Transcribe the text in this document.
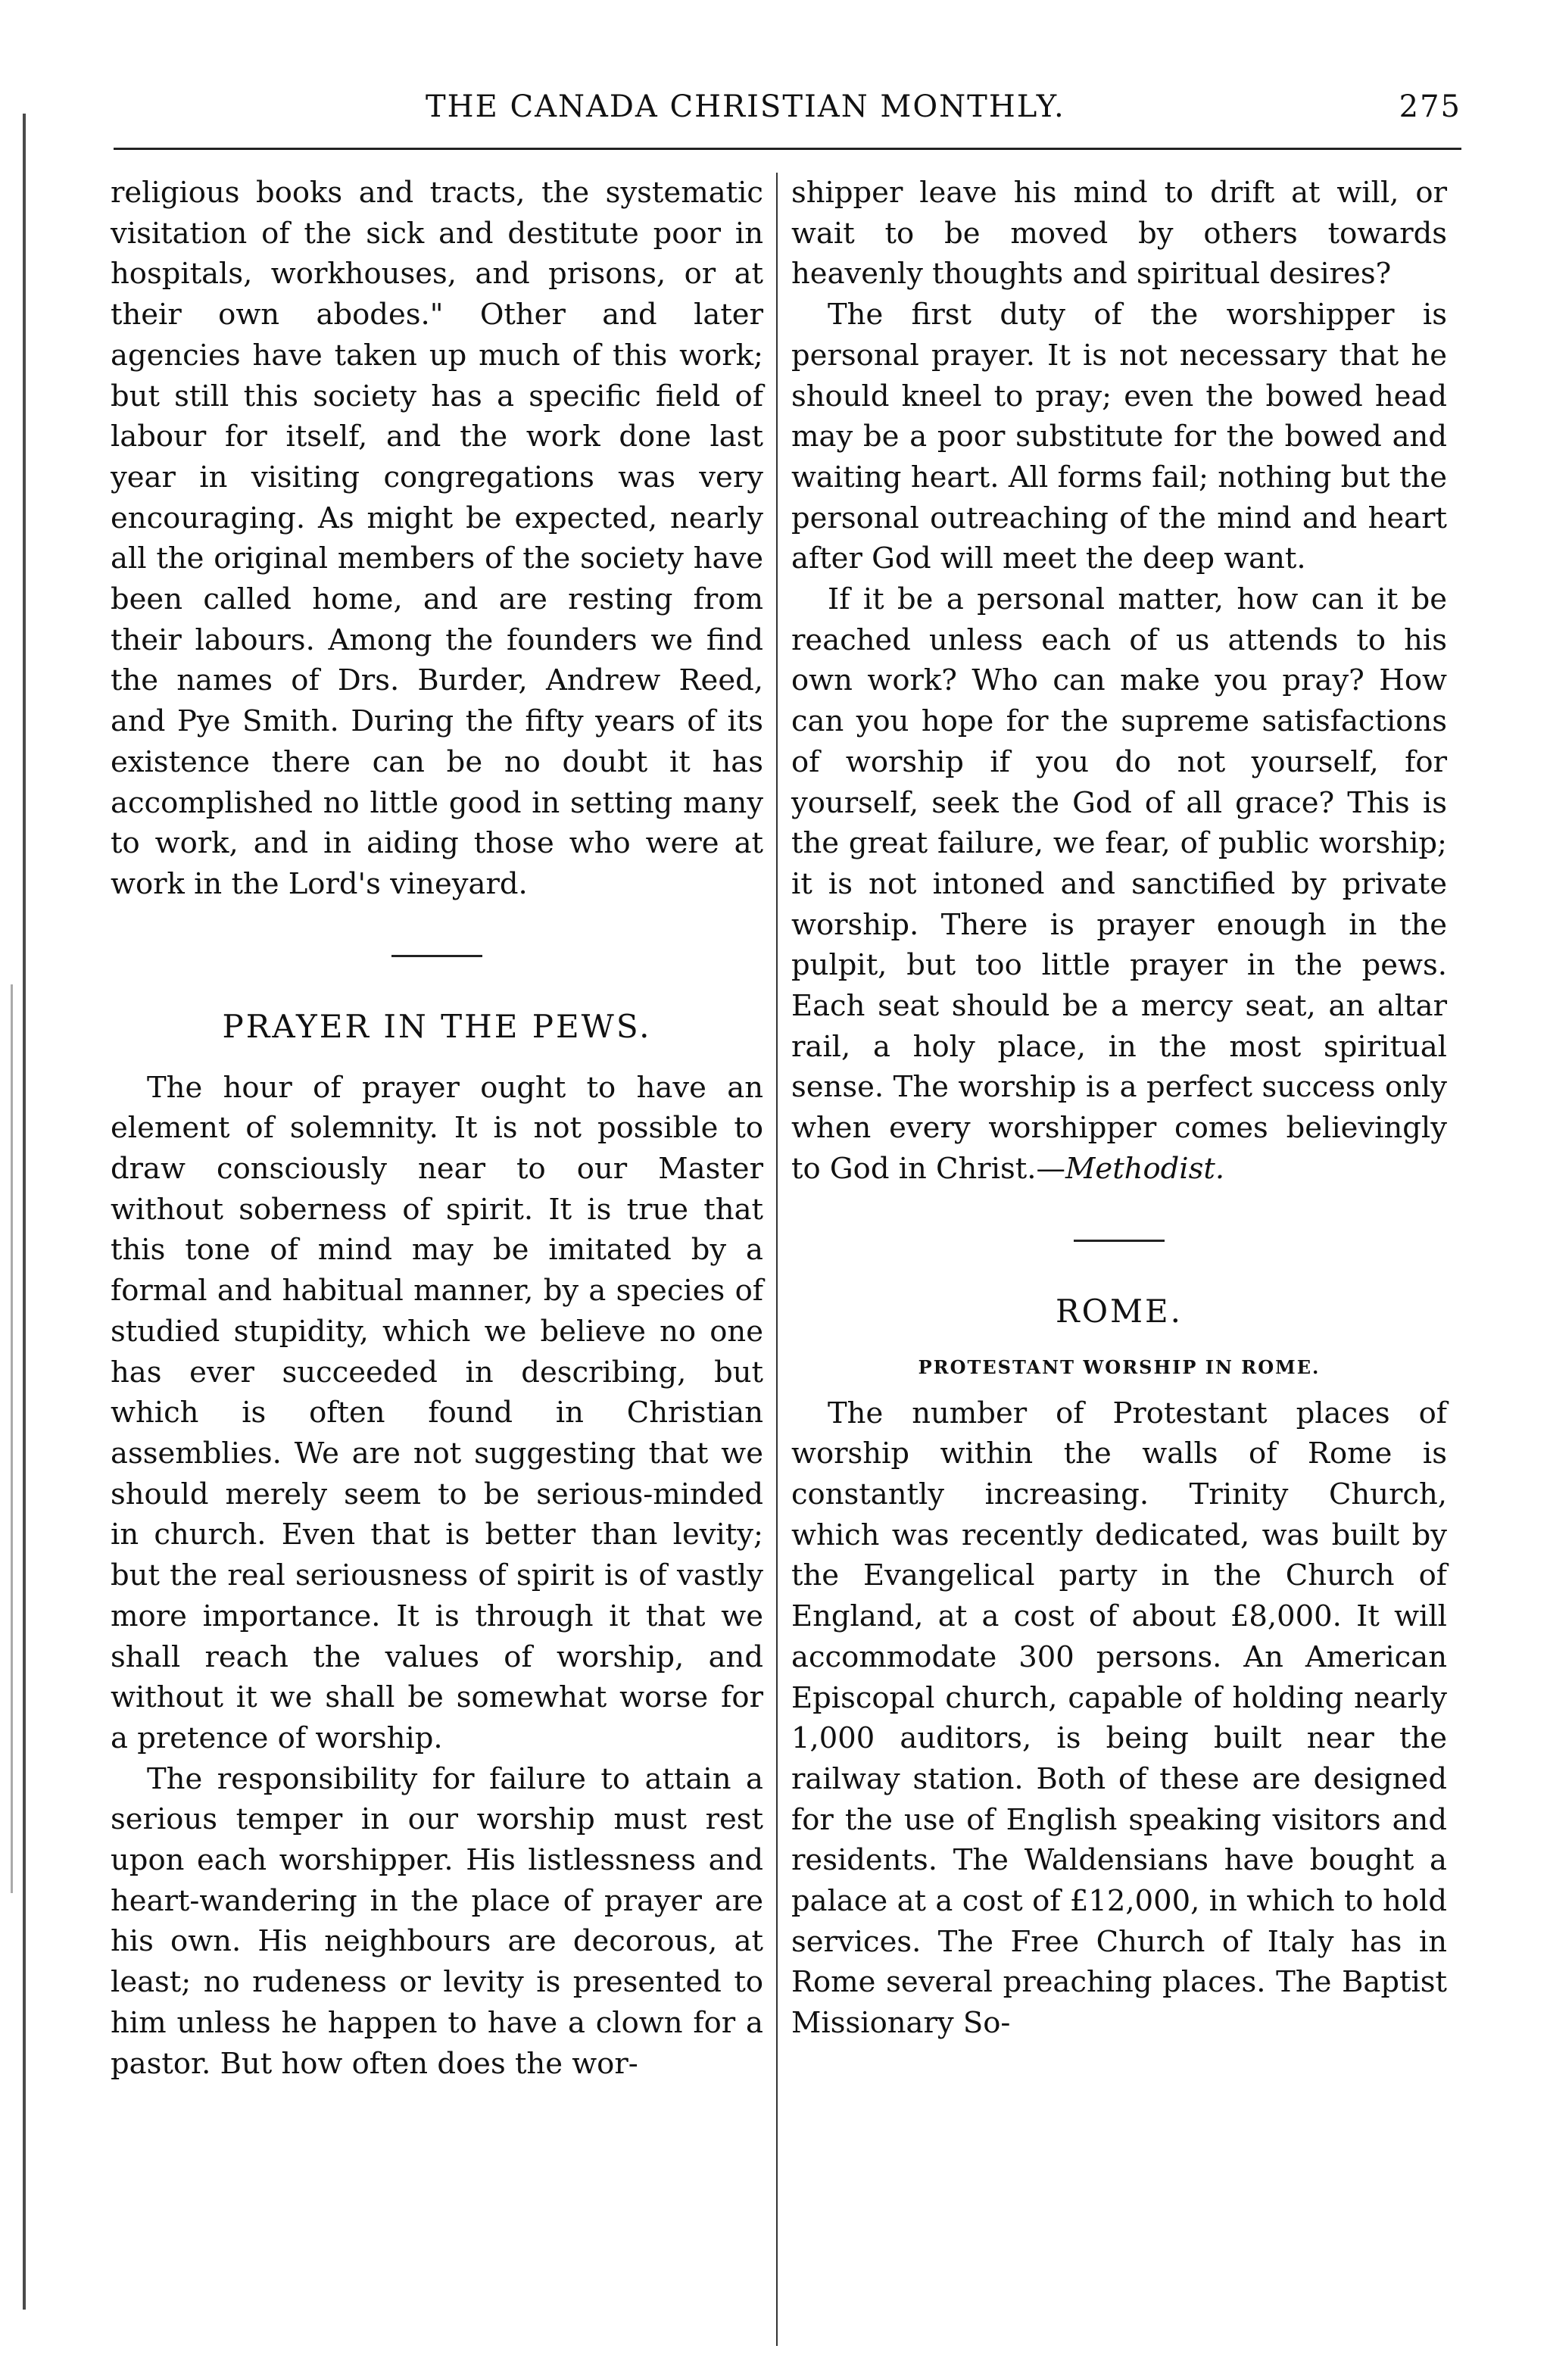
THE CANADA CHRISTIAN MONTHLY.	275

religious books and tracts, the systematic visitation of the sick and destitute poor in hospitals, workhouses, and prisons, or at their own abodes." Other and later agencies have taken up much of this work; but still this society has a specific field of labour for itself, and the work done last year in visiting congregations was very encouraging. As might be expected, nearly all the original members of the society have been called home, and are resting from their labours. Among the founders we find the names of Drs. Burder, Andrew Reed, and Pye Smith. During the fifty years of its existence there can be no doubt it has accomplished no little good in setting many to work, and in aiding those who were at work in the Lord's vineyard.

PRAYER IN THE PEWS.

The hour of prayer ought to have an element of solemnity. It is not possible to draw consciously near to our Master without soberness of spirit. It is true that this tone of mind may be imitated by a formal and habitual manner, by a species of studied stupidity, which we believe no one has ever succeeded in describing, but which is often found in Christian assemblies. We are not suggesting that we should merely seem to be serious-minded in church. Even that is better than levity; but the real seriousness of spirit is of vastly more importance. It is through it that we shall reach the values of worship, and without it we shall be somewhat worse for a pretence of worship.

The responsibility for failure to attain a serious temper in our worship must rest upon each worshipper. His listlessness and heart-wandering in the place of prayer are his own. His neighbours are decorous, at least; no rudeness or levity is presented to him unless he happen to have a clown for a pastor. But how often does the wor-

shipper leave his mind to drift at will, or wait to be moved by others towards heavenly thoughts and spiritual desires?

The first duty of the worshipper is personal prayer. It is not necessary that he should kneel to pray; even the bowed head may be a poor substitute for the bowed and waiting heart. All forms fail; nothing but the personal outreaching of the mind and heart after God will meet the deep want.

If it be a personal matter, how can it be reached unless each of us attends to his own work? Who can make you pray? How can you hope for the supreme satisfactions of worship if you do not yourself, for yourself, seek the God of all grace? This is the great failure, we fear, of public worship; it is not intoned and sanctified by private worship. There is prayer enough in the pulpit, but too little prayer in the pews. Each seat should be a mercy seat, an altar rail, a holy place, in the most spiritual sense. The worship is a perfect success only when every worshipper comes believingly to God in Christ.—Methodist.

ROME.
PROTESTANT WORSHIP IN ROME.

The number of Protestant places of worship within the walls of Rome is constantly increasing. Trinity Church, which was recently dedicated, was built by the Evangelical party in the Church of England, at a cost of about £8,000. It will accommodate 300 persons. An American Episcopal church, capable of holding nearly 1,000 auditors, is being built near the railway station. Both of these are designed for the use of English speaking visitors and residents. The Waldensians have bought a palace at a cost of £12,000, in which to hold services. The Free Church of Italy has in Rome several preaching places. The Baptist Missionary So-
